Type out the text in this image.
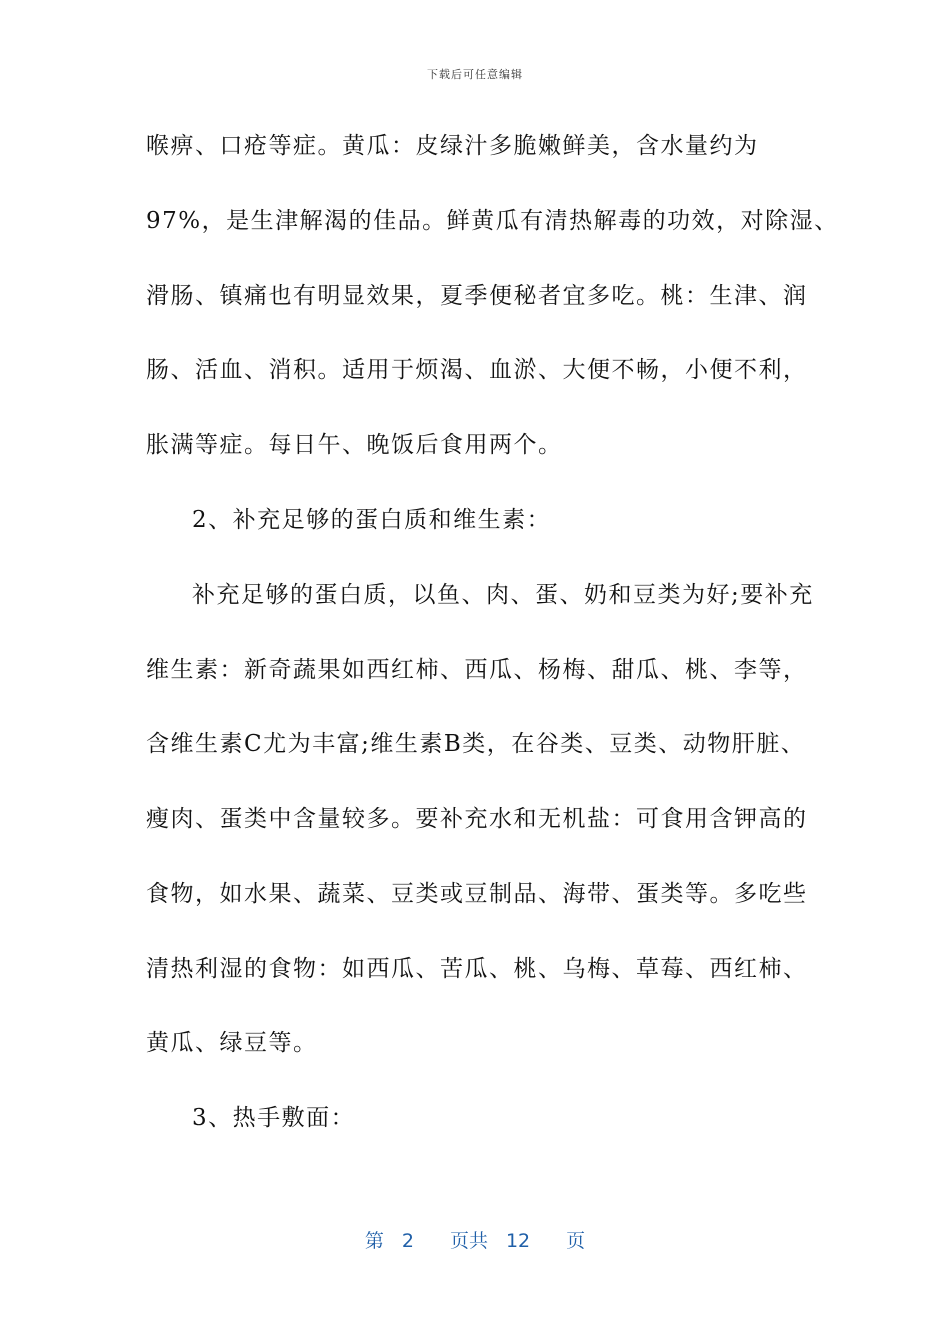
下载后可任意编辑
喉痹、口疮等症。黄瓜：皮绿汁多脆嫩鲜美，含水量约为
97%，是生津解渴的佳品。鲜黄瓜有清热解毒的功效，对除湿、
滑肠、镇痛也有明显效果，夏季便秘者宜多吃。桃：生津、润
肠、活血、消积。适用于烦渴、血淤、大便不畅，小便不利，
胀满等症。每日午、晚饭后食用两个。
2、补充足够的蛋白质和维生素：
补充足够的蛋白质，以鱼、肉、蛋、奶和豆类为好;要补充
维生素：新奇蔬果如西红柿、西瓜、杨梅、甜瓜、桃、李等，
含维生素C尤为丰富;维生素B类，在谷类、豆类、动物肝脏、
瘦肉、蛋类中含量较多。要补充水和无机盐：可食用含钾高的
食物，如水果、蔬菜、豆类或豆制品、海带、蛋类等。多吃些
清热利湿的食物：如西瓜、苦瓜、桃、乌梅、草莓、西红柿、
黄瓜、绿豆等。
3、热手敷面：
第 2 页共 12 页
